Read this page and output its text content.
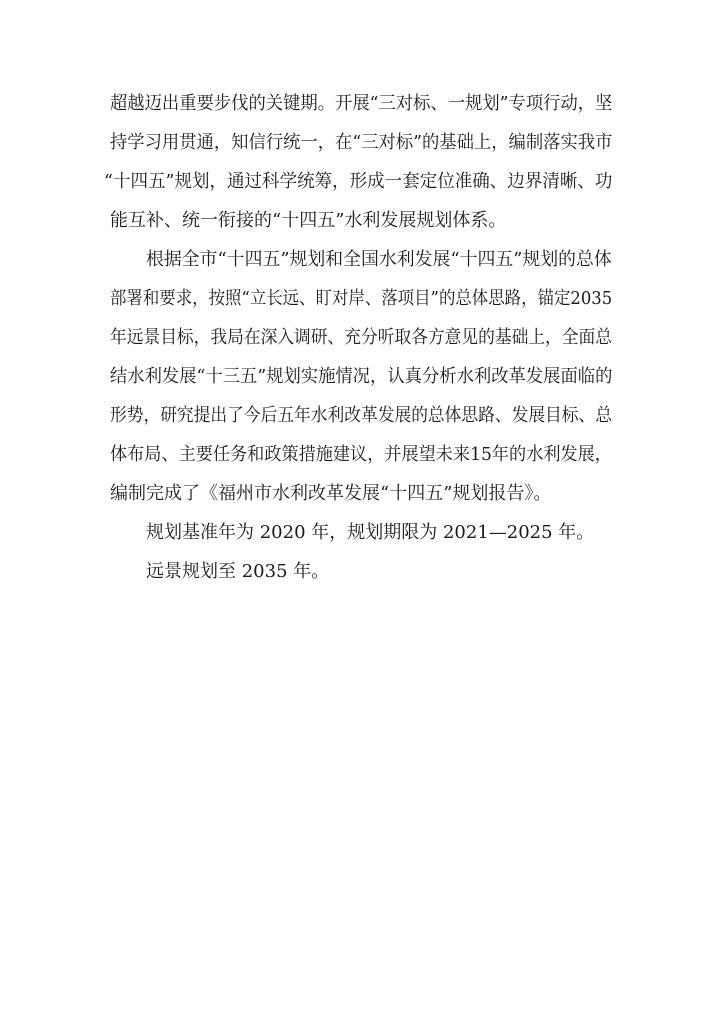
超越迈出重要步伐的关键期。开展“三对标、一规划”专项行动，坚
持学习用贯通，知信行统一，在“三对标”的基础上，编制落实我市
“十四五”规划，通过科学统筹，形成一套定位准确、边界清晰、功
能互补、统一衔接的“十四五”水利发展规划体系。
根据全市“十四五”规划和全国水利发展“十四五”规划的总体
部署和要求，按照“立长远、盯对岸、落项目”的总体思路，锚定2035
年远景目标，我局在深入调研、充分听取各方意见的基础上，全面总
结水利发展“十三五”规划实施情况，认真分析水利改革发展面临的
形势，研究提出了今后五年水利改革发展的总体思路、发展目标、总
体布局、主要任务和政策措施建议，并展望未来15年的水利发展，
编制完成了《福州市水利改革发展“十四五”规划报告》。
规划基准年为 2020 年，规划期限为 2021—2025 年。
远景规划至 2035 年。
